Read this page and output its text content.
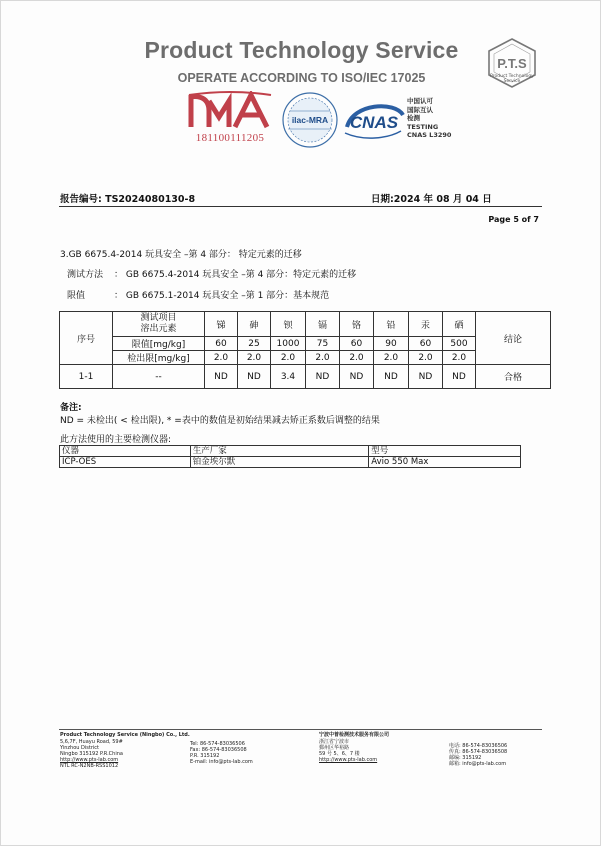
Product Technology Service
OPERATE ACCORDING TO ISO/IEC 17025
P.T.S
Product Technology
Service
181100111205
ilac-MRA CNAS
中国认可
国际互认
检测
TESTING
CNAS L3290
报告编号: TS2024080130-8	日期:2024 年 08 月 04 日
Page 5 of 7
3.GB 6675.4-2014 玩具安全 –第 4 部分： 特定元素的迁移
测试方法 ： GB 6675.4-2014 玩具安全 –第 4 部分：特定元素的迁移
限值	： GB 6675.1-2014 玩具安全 –第 1 部分：基本规范
序号	测试项目
溶出元素	锑	砷	钡	镉	铬	铅	汞	硒	结论
	限值[mg/kg]	60	25	1000	75	60	90	60	500	
	检出限[mg/kg]	2.0	2.0	2.0	2.0	2.0	2.0	2.0	2.0	
1-1	--	ND	ND	3.4	ND	ND	ND	ND	ND	合格
备注:
ND = 未检出( < 检出限), * =表中的数值是初始结果减去矫正系数后调整的结果
此方法使用的主要检测仪器:
仪器	生产厂家	型号
ICP-OES	铂金埃尔默	Avio 550 Max
Product Technology Service (Ningbo) Co., Ltd.
5,6,7F, Huayu Road, 59#
Yinzhou District
Ningbo 315192 P.R.China
http://www.pts-lab.com
NTL RC-N2NB-RSS1012
Tel: 86-574-83036506
Fax: 86-574-83036508
P.R. 315192
E-mail: info@pts-lab.com
宁波中普检测技术服务有限公司
浙江省宁波市
鄞州区华裕路
59 号 5、6、7 楼
http://www.pts-lab.com
电话: 86-574-83036506
传真: 86-574-83036508
邮编: 315192
邮箱: info@pts-lab.com
